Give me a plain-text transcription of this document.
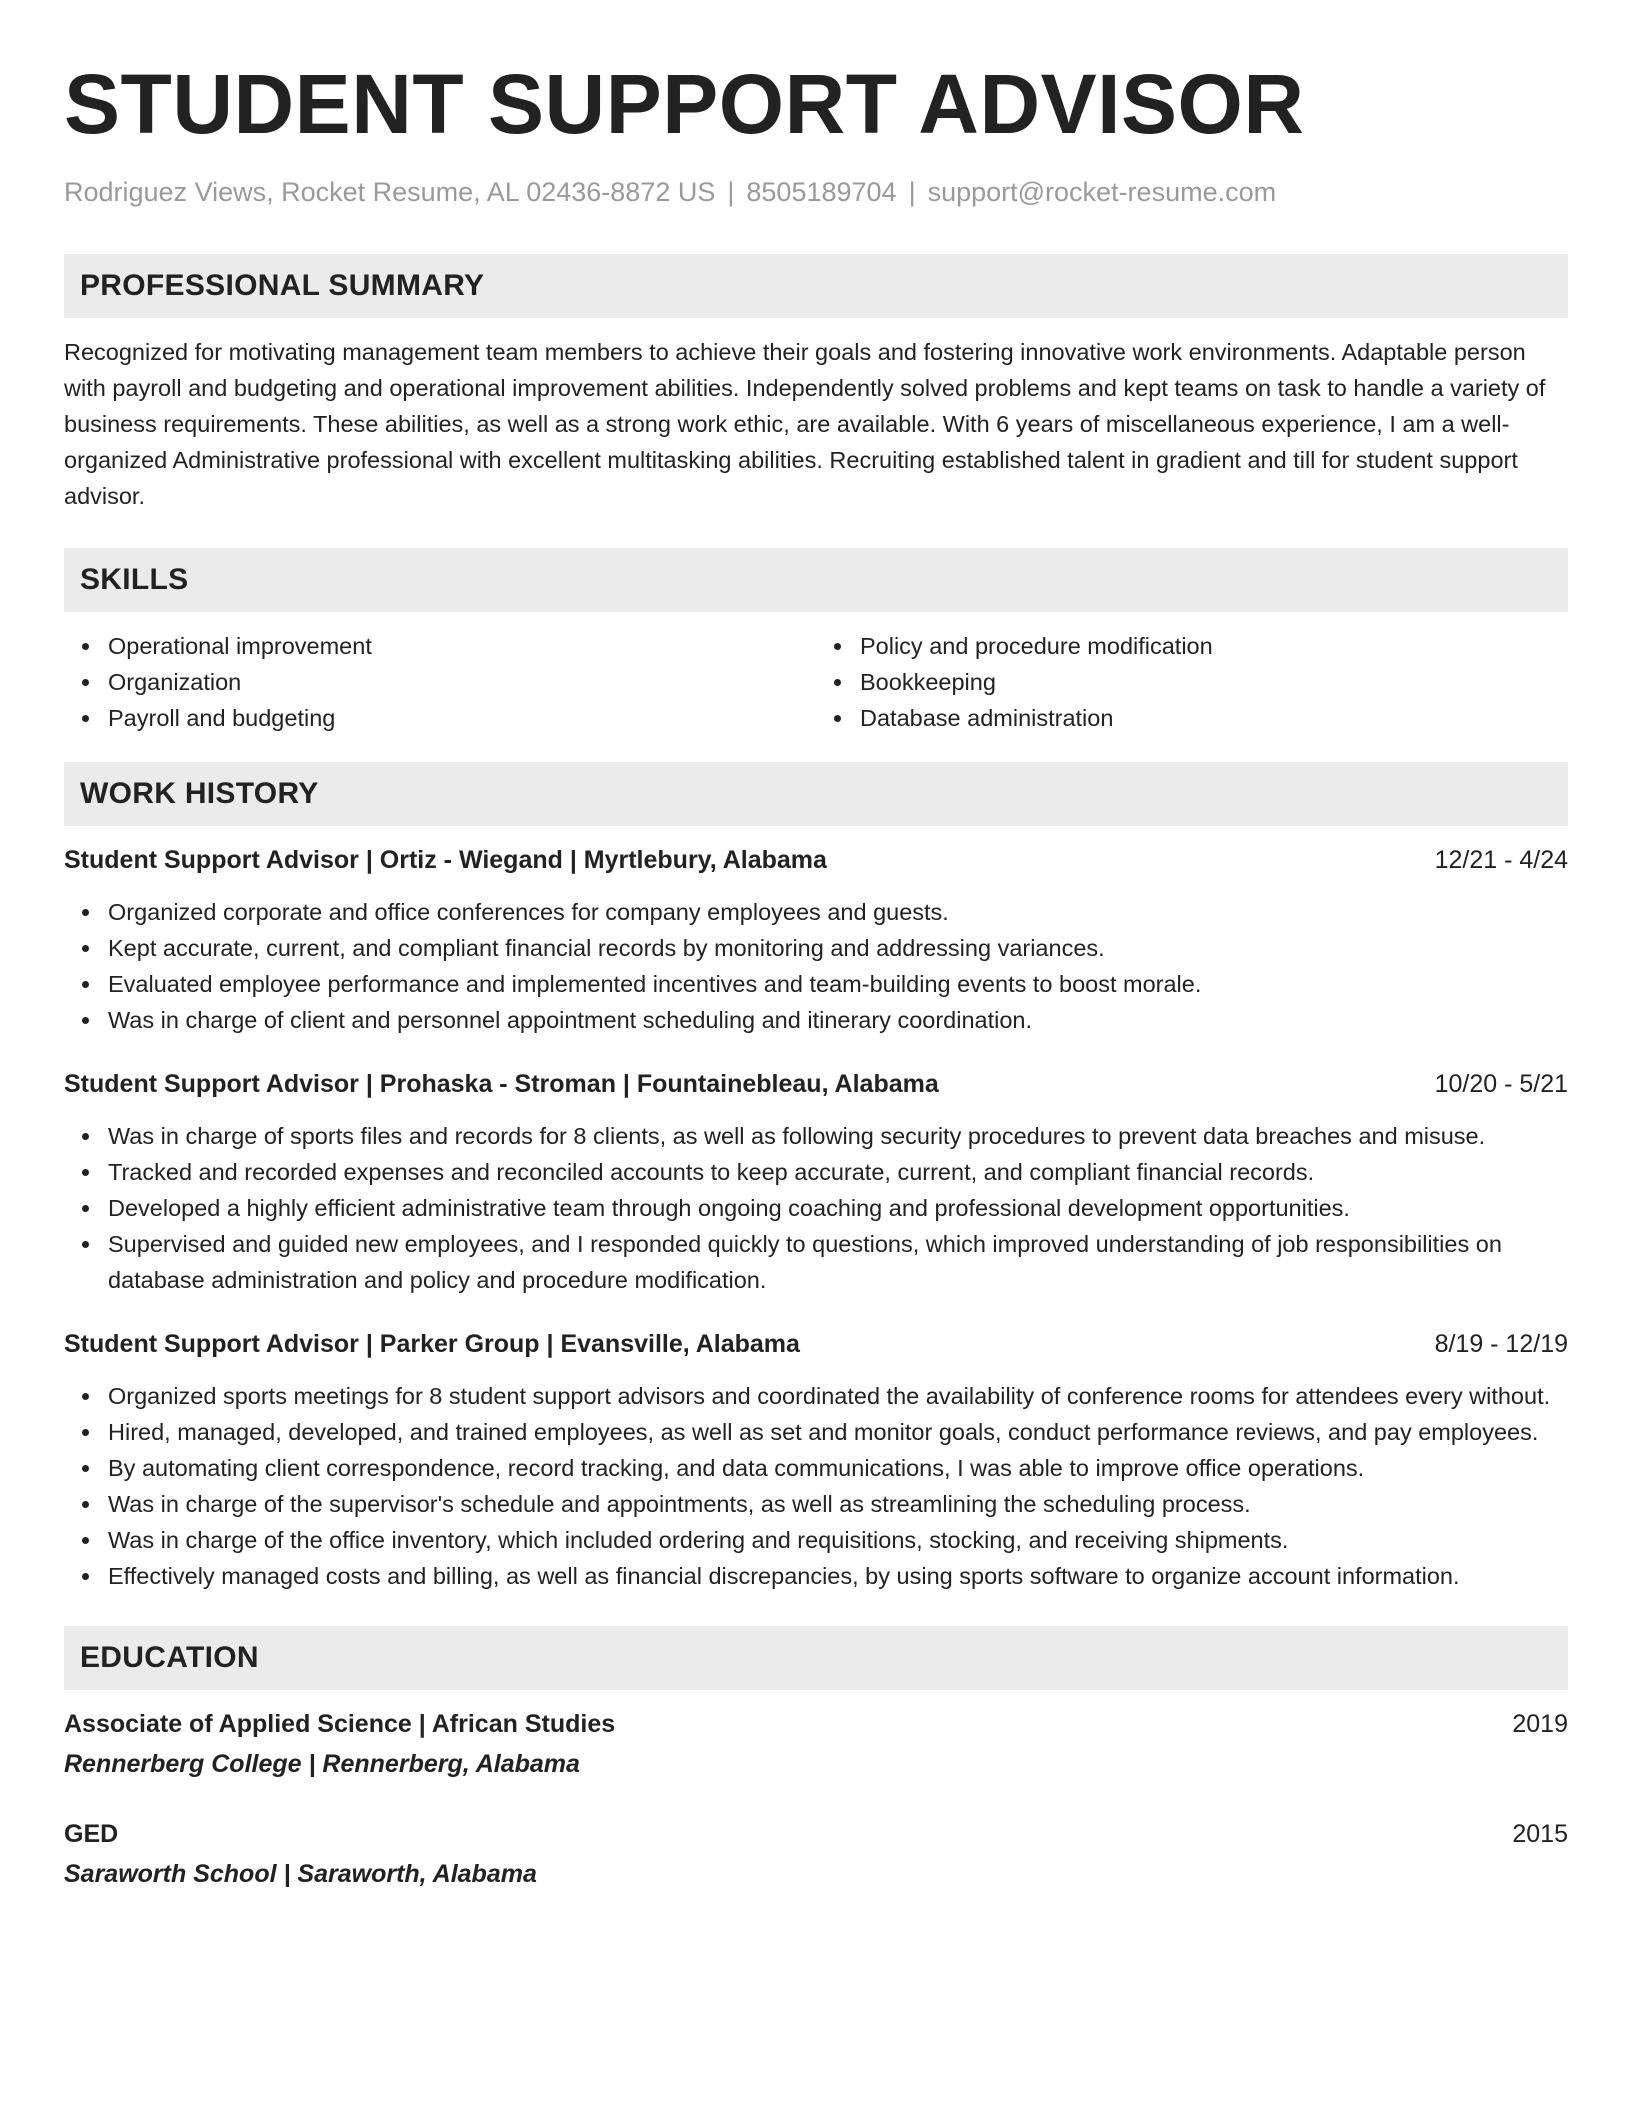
STUDENT SUPPORT ADVISOR
Rodriguez Views, Rocket Resume, AL 02436-8872 US | 8505189704 | support@rocket-resume.com
PROFESSIONAL SUMMARY

Recognized for motivating management team members to achieve their goals and fostering innovative work environments. Adaptable person with payroll and budgeting and operational improvement abilities. Independently solved problems and kept teams on task to handle a variety of business requirements. These abilities, as well as a strong work ethic, are available. With 6 years of miscellaneous experience, I am a well-organized Administrative professional with excellent multitasking abilities. Recruiting established talent in gradient and till for student support advisor.

SKILLS
Operational improvement
Organization
Payroll and budgeting
Policy and procedure modification
Bookkeeping
Database administration
WORK HISTORY
Student Support Advisor | Ortiz - Wiegand | Myrtlebury, Alabama	12/21 - 4/24
Organized corporate and office conferences for company employees and guests.
Kept accurate, current, and compliant financial records by monitoring and addressing variances.
Evaluated employee performance and implemented incentives and team-building events to boost morale.
Was in charge of client and personnel appointment scheduling and itinerary coordination.
Student Support Advisor | Prohaska - Stroman | Fountainebleau, Alabama	10/20 - 5/21
Was in charge of sports files and records for 8 clients, as well as following security procedures to prevent data breaches and misuse.
Tracked and recorded expenses and reconciled accounts to keep accurate, current, and compliant financial records.
Developed a highly efficient administrative team through ongoing coaching and professional development opportunities.
Supervised and guided new employees, and I responded quickly to questions, which improved understanding of job responsibilities on database administration and policy and procedure modification.
Student Support Advisor | Parker Group | Evansville, Alabama	8/19 - 12/19
Organized sports meetings for 8 student support advisors and coordinated the availability of conference rooms for attendees every without.
Hired, managed, developed, and trained employees, as well as set and monitor goals, conduct performance reviews, and pay employees.
By automating client correspondence, record tracking, and data communications, I was able to improve office operations.
Was in charge of the supervisor's schedule and appointments, as well as streamlining the scheduling process.
Was in charge of the office inventory, which included ordering and requisitions, stocking, and receiving shipments.
Effectively managed costs and billing, as well as financial discrepancies, by using sports software to organize account information.
EDUCATION
Associate of Applied Science | African Studies	2019
Rennerberg College | Rennerberg, Alabama
GED	2015
Saraworth School | Saraworth, Alabama
